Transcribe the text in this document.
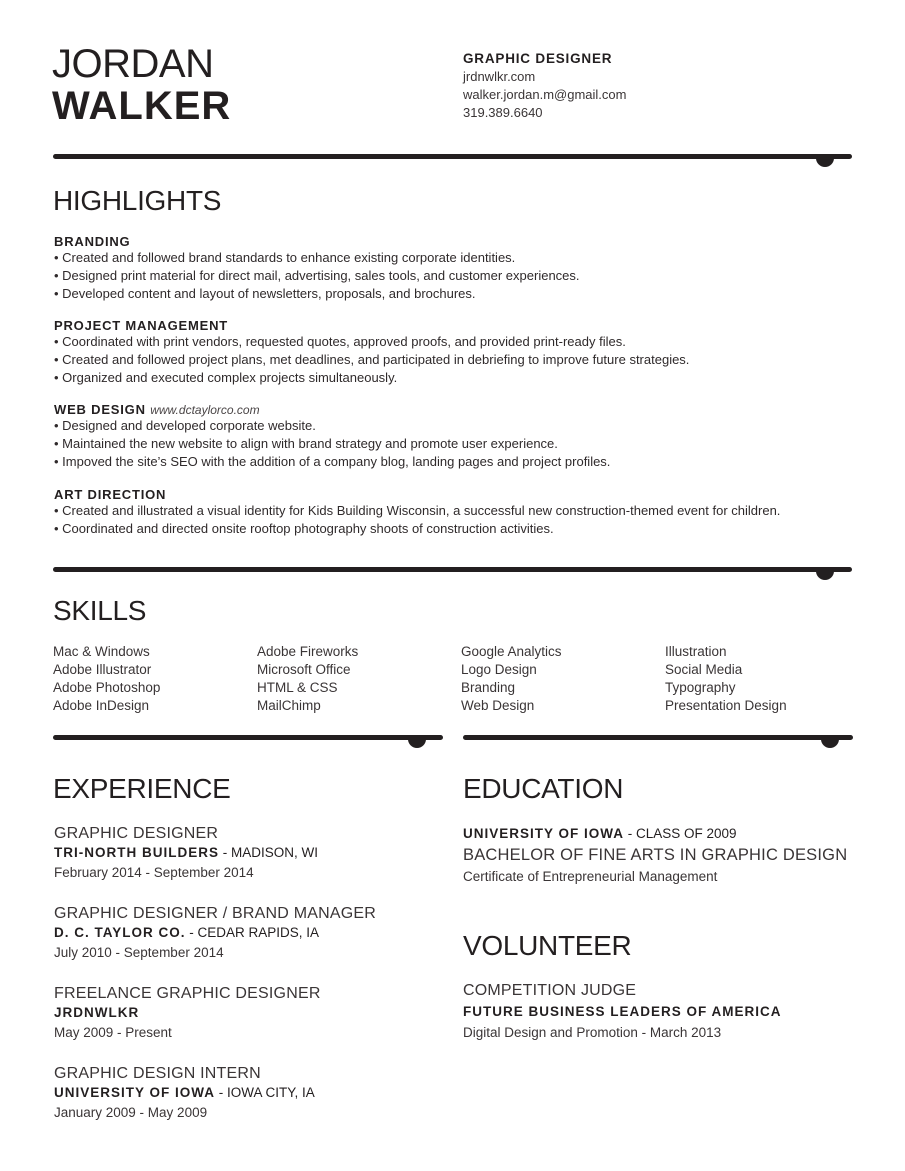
JORDAN
WALKER
GRAPHIC DESIGNER
jrdnwlkr.com
walker.jordan.m@gmail.com
319.389.6640
HIGHLIGHTS
BRANDING
• Created and followed brand standards to enhance existing corporate identities.
• Designed print material for direct mail, advertising, sales tools, and customer experiences.
• Developed content and layout of newsletters, proposals, and brochures.
PROJECT MANAGEMENT
• Coordinated with print vendors, requested quotes, approved proofs, and provided print-ready files.
• Created and followed project plans, met deadlines, and participated in debriefing to improve future strategies.
• Organized and executed complex projects simultaneously.
WEB DESIGN www.dctaylorco.com
• Designed and developed corporate website.
• Maintained the new website to align with brand strategy and promote user experience.
• Impoved the site’s SEO with the addition of a company blog, landing pages and project profiles.
ART DIRECTION
• Created and illustrated a visual identity for Kids Building Wisconsin, a successful new construction-themed event for children.
• Coordinated and directed onsite rooftop photography shoots of construction activities.
SKILLS
Mac & Windows
Adobe Illustrator
Adobe Photoshop
Adobe InDesign
Adobe Fireworks
Microsoft Office
HTML & CSS
MailChimp
Google Analytics
Logo Design
Branding
Web Design
Illustration
Social Media
Typography
Presentation Design
EXPERIENCE
GRAPHIC DESIGNER
TRI-NORTH BUILDERS - MADISON, WI
February 2014 - September 2014
GRAPHIC DESIGNER / BRAND MANAGER
D. C. TAYLOR CO. - CEDAR RAPIDS, IA
July 2010 - September 2014
FREELANCE GRAPHIC DESIGNER
JRDNWLKR
May 2009 - Present
GRAPHIC DESIGN INTERN
UNIVERSITY OF IOWA - IOWA CITY, IA
January 2009 - May 2009
EDUCATION
UNIVERSITY OF IOWA - CLASS OF 2009
BACHELOR OF FINE ARTS IN GRAPHIC DESIGN
Certificate of Entrepreneurial Management
VOLUNTEER
COMPETITION JUDGE
FUTURE BUSINESS LEADERS OF AMERICA
Digital Design and Promotion - March 2013
